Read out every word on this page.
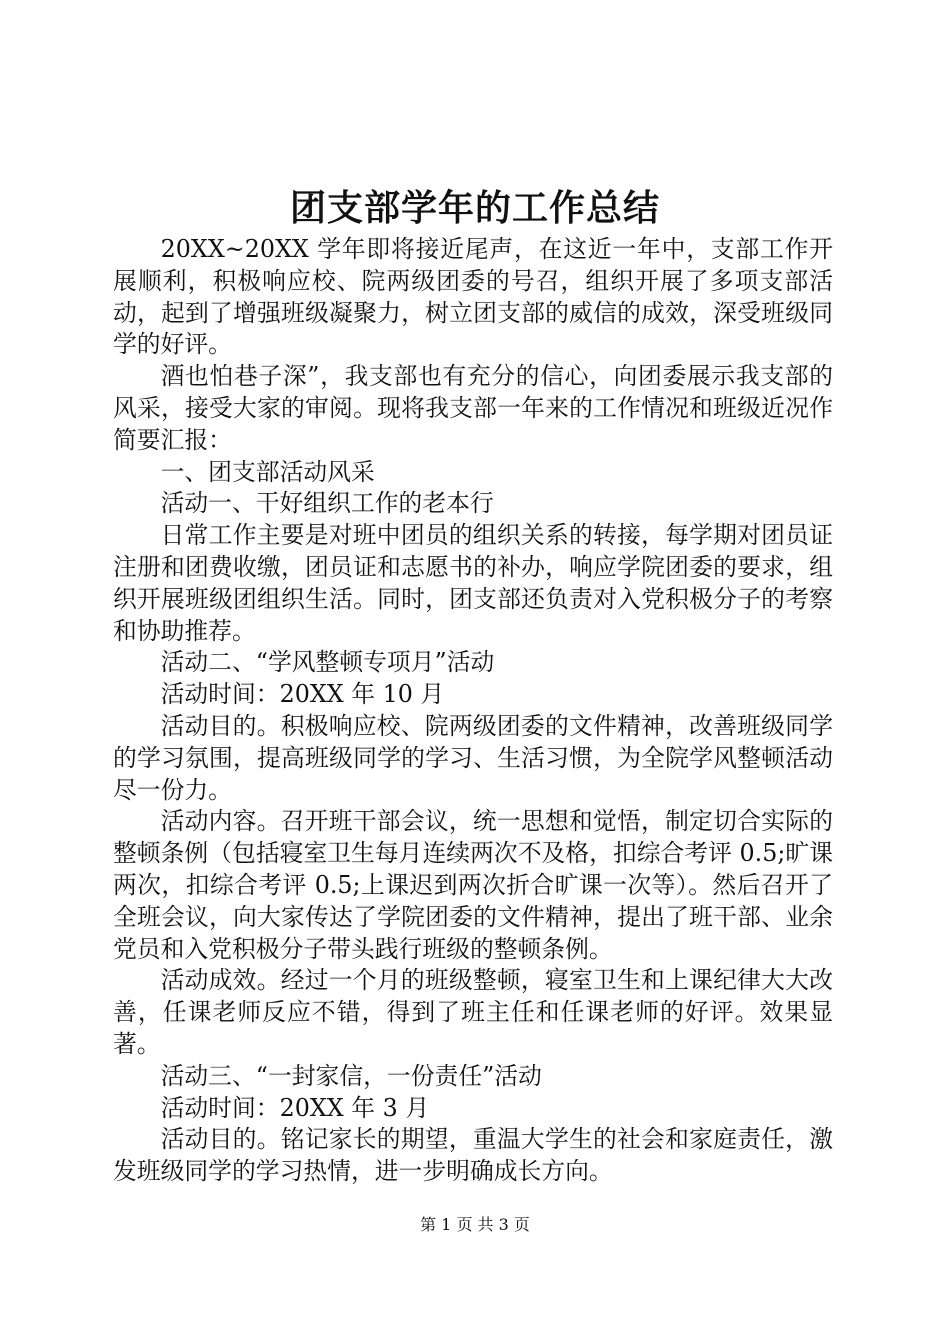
团支部学年的工作总结

20XX~20XX 学年即将接近尾声，在这近一年中，支部工作开展顺利，积极响应校、院两级团委的号召，组织开展了多项支部活动，起到了增强班级凝聚力，树立团支部的威信的成效，深受班级同学的好评。

酒也怕巷子深”，我支部也有充分的信心，向团委展示我支部的风采，接受大家的审阅。现将我支部一年来的工作情况和班级近况作简要汇报：

一、团支部活动风采

活动一、干好组织工作的老本行

日常工作主要是对班中团员的组织关系的转接，每学期对团员证注册和团费收缴，团员证和志愿书的补办，响应学院团委的要求，组织开展班级团组织生活。同时，团支部还负责对入党积极分子的考察和协助推荐。

活动二、“学风整顿专项月”活动

活动时间：20XX 年 10 月

活动目的。积极响应校、院两级团委的文件精神，改善班级同学的学习氛围，提高班级同学的学习、生活习惯，为全院学风整顿活动尽一份力。

活动内容。召开班干部会议，统一思想和觉悟，制定切合实际的整顿条例（包括寝室卫生每月连续两次不及格，扣综合考评 0.5;旷课两次，扣综合考评 0.5;上课迟到两次折合旷课一次等）。然后召开了全班会议，向大家传达了学院团委的文件精神，提出了班干部、业余党员和入党积极分子带头践行班级的整顿条例。

活动成效。经过一个月的班级整顿，寝室卫生和上课纪律大大改善，任课老师反应不错，得到了班主任和任课老师的好评。效果显著。

活动三、“一封家信，一份责任”活动

活动时间：20XX 年 3 月

活动目的。铭记家长的期望，重温大学生的社会和家庭责任，激发班级同学的学习热情，进一步明确成长方向。

第 1 页 共 3 页
